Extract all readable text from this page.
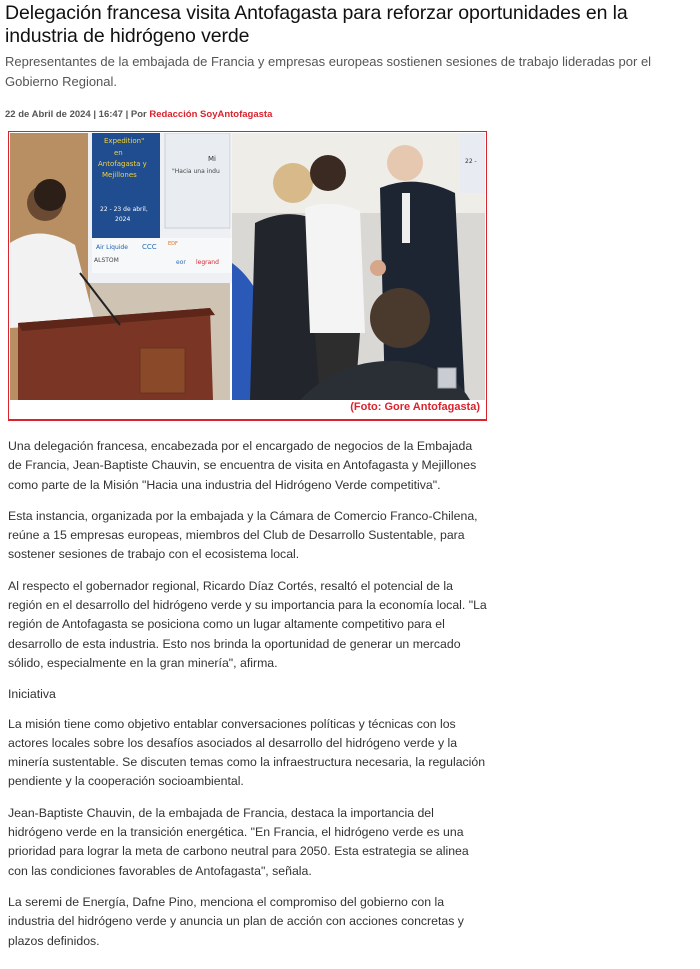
Delegación francesa visita Antofagasta para reforzar oportunidades en la industria de hidrógeno verde

Representantes de la embajada de Francia y empresas europeas sostienen sesiones de trabajo lideradas por el Gobierno Regional.

22 de Abril de 2024 | 16:47 | Por Redacción SoyAntofagasta
Expedition"
en
Antofagasta y
Mejillones
22 - 23 de abril,
2024
Mi
"Hacia una indu
Air Liquide CCC EDF
ALSTOM	eor legrand
22 -
(Foto: Gore Antofagasta)

Una delegación francesa, encabezada por el encargado de negocios de la Embajada de Francia, Jean-Baptiste Chauvin, se encuentra de visita en Antofagasta y Mejillones como parte de la Misión "Hacia una industria del Hidrógeno Verde competitiva".

Esta instancia, organizada por la embajada y la Cámara de Comercio Franco-Chilena, reúne a 15 empresas europeas, miembros del Club de Desarrollo Sustentable, para sostener sesiones de trabajo con el ecosistema local.

Al respecto el gobernador regional, Ricardo Díaz Cortés, resaltó el potencial de la región en el desarrollo del hidrógeno verde y su importancia para la economía local. "La región de Antofagasta se posiciona como un lugar altamente competitivo para el desarrollo de esta industria. Esto nos brinda la oportunidad de generar un mercado sólido, especialmente en la gran minería", afirma.

Iniciativa

La misión tiene como objetivo entablar conversaciones políticas y técnicas con los actores locales sobre los desafíos asociados al desarrollo del hidrógeno verde y la minería sustentable. Se discuten temas como la infraestructura necesaria, la regulación pendiente y la cooperación socioambiental.

Jean-Baptiste Chauvin, de la embajada de Francia, destaca la importancia del hidrógeno verde en la transición energética. "En Francia, el hidrógeno verde es una prioridad para lograr la meta de carbono neutral para 2050. Esta estrategia se alinea con las condiciones favorables de Antofagasta", señala.

La seremi de Energía, Dafne Pino, menciona el compromiso del gobierno con la industria del hidrógeno verde y anuncia un plan de acción con acciones concretas y plazos definidos.
